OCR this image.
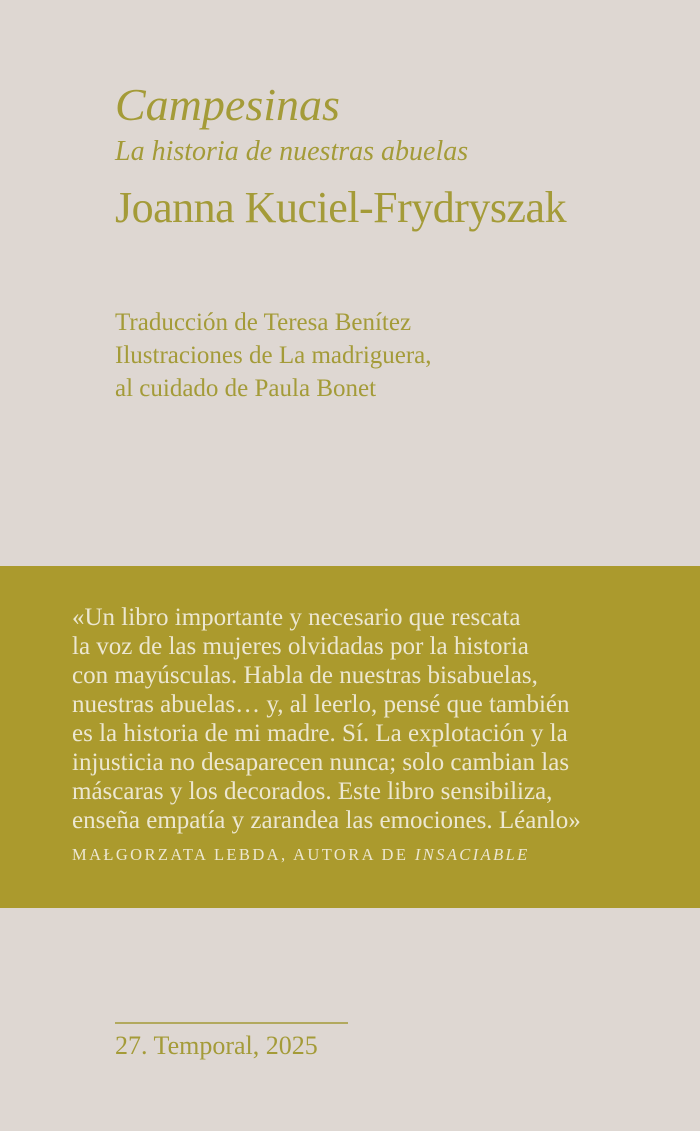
Campesinas
La historia de nuestras abuelas
Joanna Kuciel-Frydryszak
Traducción de Teresa Benítez
Ilustraciones de La madriguera,
al cuidado de Paula Bonet
«Un libro importante y necesario que rescata
la voz de las mujeres olvidadas por la historia
con mayúsculas. Habla de nuestras bisabuelas,
nuestras abuelas… y, al leerlo, pensé que también
es la historia de mi madre. Sí. La explotación y la
injusticia no desaparecen nunca; solo cambian las
máscaras y los decorados. Este libro sensibiliza,
enseña empatía y zarandea las emociones. Léanlo»
MAŁGORZATA LEBDA, AUTORA DE INSACIABLE
27. Temporal, 2025
